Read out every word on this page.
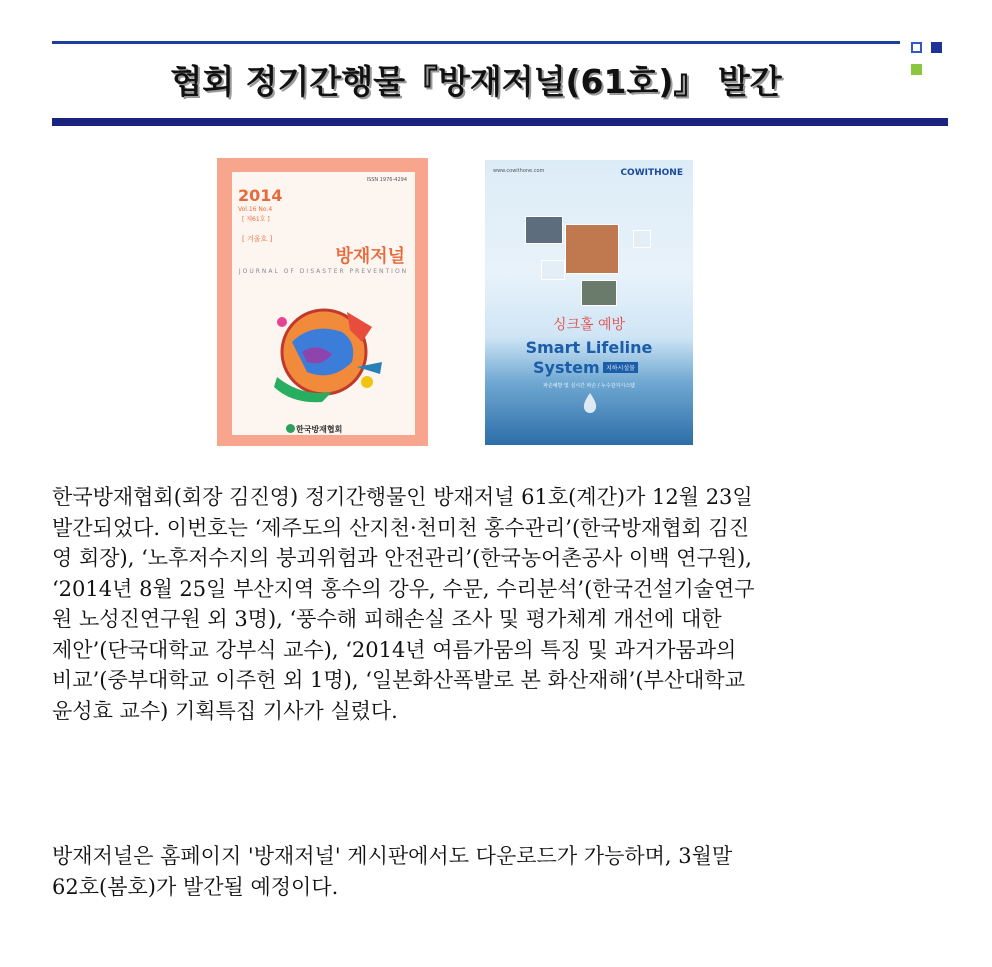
협회 정기간행물『방재저널(61호)』 발간
ISSN 1976-4294
2014
Vol.16 No.4
[ 제61호 ]
[ 겨울호 ]
방재저널
JOURNAL OF DISASTER PREVENTION
한국방재협회
www.cowithone.com	COWITHONE
싱크홀 예방
Smart Lifeline
System	지하시설물
파손예방 및 실시간 파손 / 누수감지시스템
한국방재협회(회장 김진영) 정기간행물인 방재저널 61호(계간)가 12월 23일
발간되었다. 이번호는 ‘제주도의 산지천·천미천 홍수관리’(한국방재협회 김진
영 회장), ‘노후저수지의 붕괴위험과 안전관리’(한국농어촌공사 이백 연구원),
‘2014년 8월 25일 부산지역 홍수의 강우, 수문, 수리분석’(한국건설기술연구
원 노성진연구원 외 3명), ‘풍수해 피해손실 조사 및 평가체계 개선에 대한
제안’(단국대학교 강부식 교수), ‘2014년 여름가뭄의 특징 및 과거가뭄과의
비교’(중부대학교 이주헌 외 1명), ‘일본화산폭발로 본 화산재해’(부산대학교
윤성효 교수) 기획특집 기사가 실렸다.
방재저널은 홈페이지 '방재저널' 게시판에서도 다운로드가 가능하며, 3월말
62호(봄호)가 발간될 예정이다.
